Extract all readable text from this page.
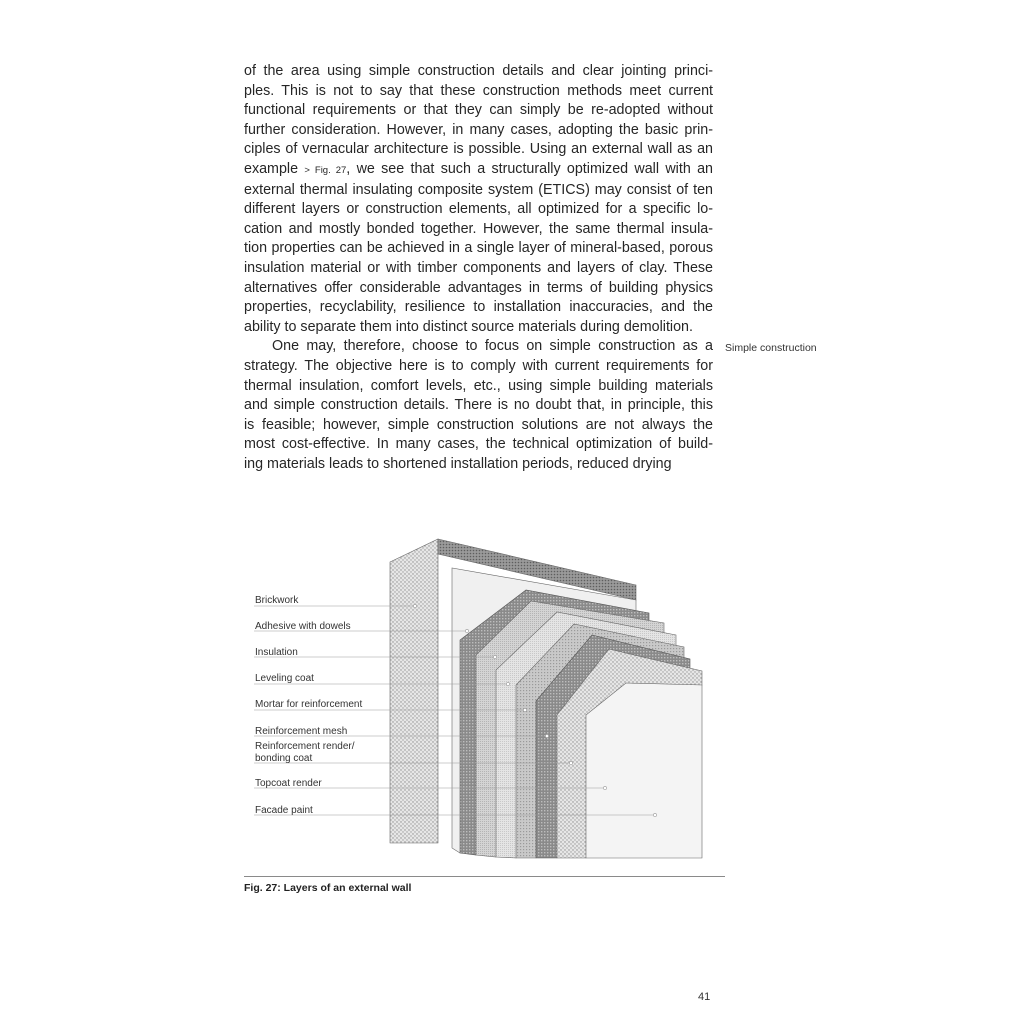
of the area using simple construction details and clear jointing princi-
ples. This is not to say that these construction methods meet current
functional requirements or that they can simply be re-adopted without
further consideration. However, in many cases, adopting the basic prin-
ciples of vernacular architecture is possible. Using an external wall as an
example > Fig. 27, we see that such a structurally optimized wall with an
external thermal insulating composite system (ETICS) may consist of ten
different layers or construction elements, all optimized for a specific lo-
cation and mostly bonded together. However, the same thermal insula-
tion properties can be achieved in a single layer of mineral-based, porous
insulation material or with timber components and layers of clay. These
alternatives offer considerable advantages in terms of building physics
properties, recyclability, resilience to installation inaccuracies, and the
ability to separate them into distinct source materials during demolition.
One may, therefore, choose to focus on simple construction as a
strategy. The objective here is to comply with current requirements for
thermal insulation, comfort levels, etc., using simple building materials
and simple construction details. There is no doubt that, in principle, this
is feasible; however, simple construction solutions are not always the
most cost-effective. In many cases, the technical optimization of build-
ing materials leads to shortened installation periods, reduced drying
Simple construction
Brickwork
Adhesive with dowels
Insulation
Leveling coat
Mortar for reinforcement
Reinforcement mesh
Reinforcement render/
bonding coat
Topcoat render
Facade paint
Fig. 27: Layers of an external wall
41
